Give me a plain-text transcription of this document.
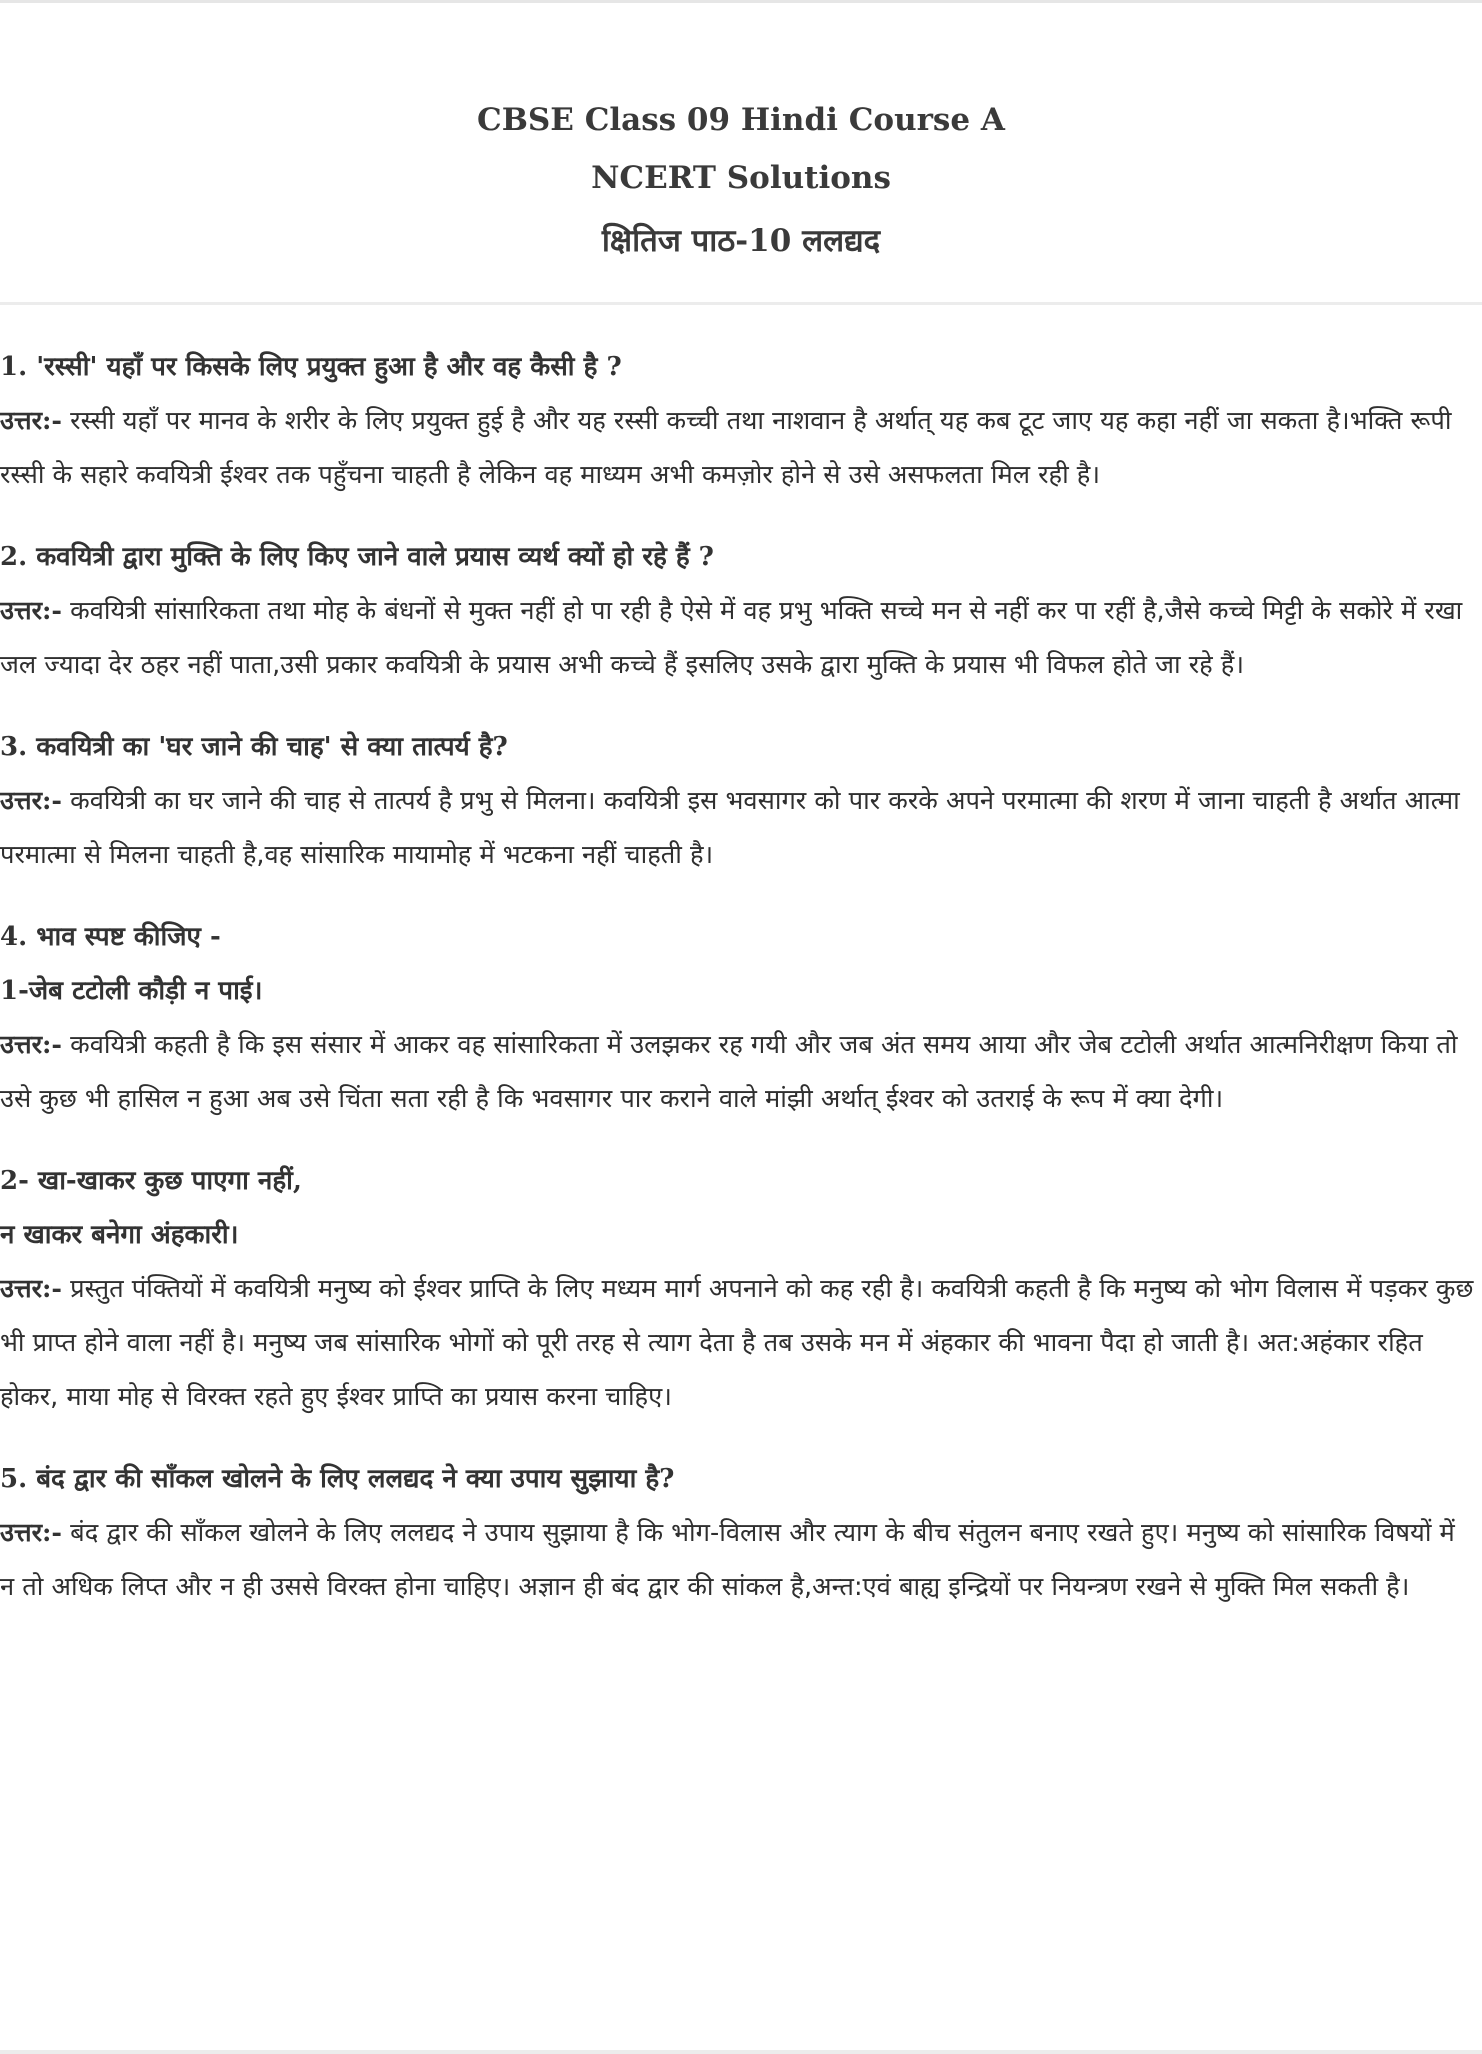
CBSE Class 09 Hindi Course A
NCERT Solutions
क्षितिज पाठ-10 ललद्यद

1. 'रस्सी' यहाँ पर किसके लिए प्रयुक्त हुआ है और वह कैसी है ?

उत्तर:- रस्सी यहाँ पर मानव के शरीर के लिए प्रयुक्त हुई है और यह रस्सी कच्ची तथा नाशवान है अर्थात् यह कब टूट जाए यह कहा नहीं जा सकता है।भक्ति रूपी रस्सी के सहारे कवयित्री ईश्वर तक पहुँचना चाहती है लेकिन वह माध्यम अभी कमज़ोर होने से उसे असफलता मिल रही है।

2. कवयित्री द्वारा मुक्ति के लिए किए जाने वाले प्रयास व्यर्थ क्यों हो रहे हैं ?

उत्तर:- कवयित्री सांसारिकता तथा मोह के बंधनों से मुक्त नहीं हो पा रही है ऐसे में वह प्रभु भक्ति सच्चे मन से नहीं कर पा रहीं है,जैसे कच्चे मिट्टी के सकोरे में रखा जल ज्यादा देर ठहर नहीं पाता,उसी प्रकार कवयित्री के प्रयास अभी कच्चे हैं इसलिए उसके द्वारा मुक्ति के प्रयास भी विफल होते जा रहे हैं।

3. कवयित्री का 'घर जाने की चाह' से क्या तात्पर्य है?

उत्तर:- कवयित्री का घर जाने की चाह से तात्पर्य है प्रभु से मिलना। कवयित्री इस भवसागर को पार करके अपने परमात्मा की शरण में जाना चाहती है अर्थात आत्मा परमात्मा से मिलना चाहती है,वह सांसारिक मायामोह में भटकना नहीं चाहती है।

4. भाव स्पष्ट कीजिए -

1-जेब टटोली कौड़ी न पाई।

उत्तर:- कवयित्री कहती है कि इस संसार में आकर वह सांसारिकता में उलझकर रह गयी और जब अंत समय आया और जेब टटोली अर्थात आत्मनिरीक्षण किया तो उसे कुछ भी हासिल न हुआ अब उसे चिंता सता रही है कि भवसागर पार कराने वाले मांझी अर्थात् ईश्वर को उतराई के रूप में क्या देगी।

2- खा-खाकर कुछ पाएगा नहीं,

न खाकर बनेगा अंहकारी।

उत्तर:- प्रस्तुत पंक्तियों में कवयित्री मनुष्य को ईश्वर प्राप्ति के लिए मध्यम मार्ग अपनाने को कह रही है। कवयित्री कहती है कि मनुष्य को भोग विलास में पड़कर कुछ भी प्राप्त होने वाला नहीं है। मनुष्य जब सांसारिक भोगों को पूरी तरह से त्याग देता है तब उसके मन में अंहकार की भावना पैदा हो जाती है। अत:अहंकार रहित होकर, माया मोह से विरक्त रहते हुए ईश्वर प्राप्ति का प्रयास करना चाहिए।

5. बंद द्वार की साँकल खोलने के लिए ललद्यद ने क्या उपाय सुझाया है?

उत्तर:- बंद द्वार की साँकल खोलने के लिए ललद्यद ने उपाय सुझाया है कि भोग-विलास और त्याग के बीच संतुलन बनाए रखते हुए। मनुष्य को सांसारिक विषयों में न तो अधिक लिप्त और न ही उससे विरक्त होना चाहिए। अज्ञान ही बंद द्वार की सांकल है,अन्त:एवं बाह्य इन्द्रियों पर नियन्त्रण रखने से मुक्ति मिल सकती है।
